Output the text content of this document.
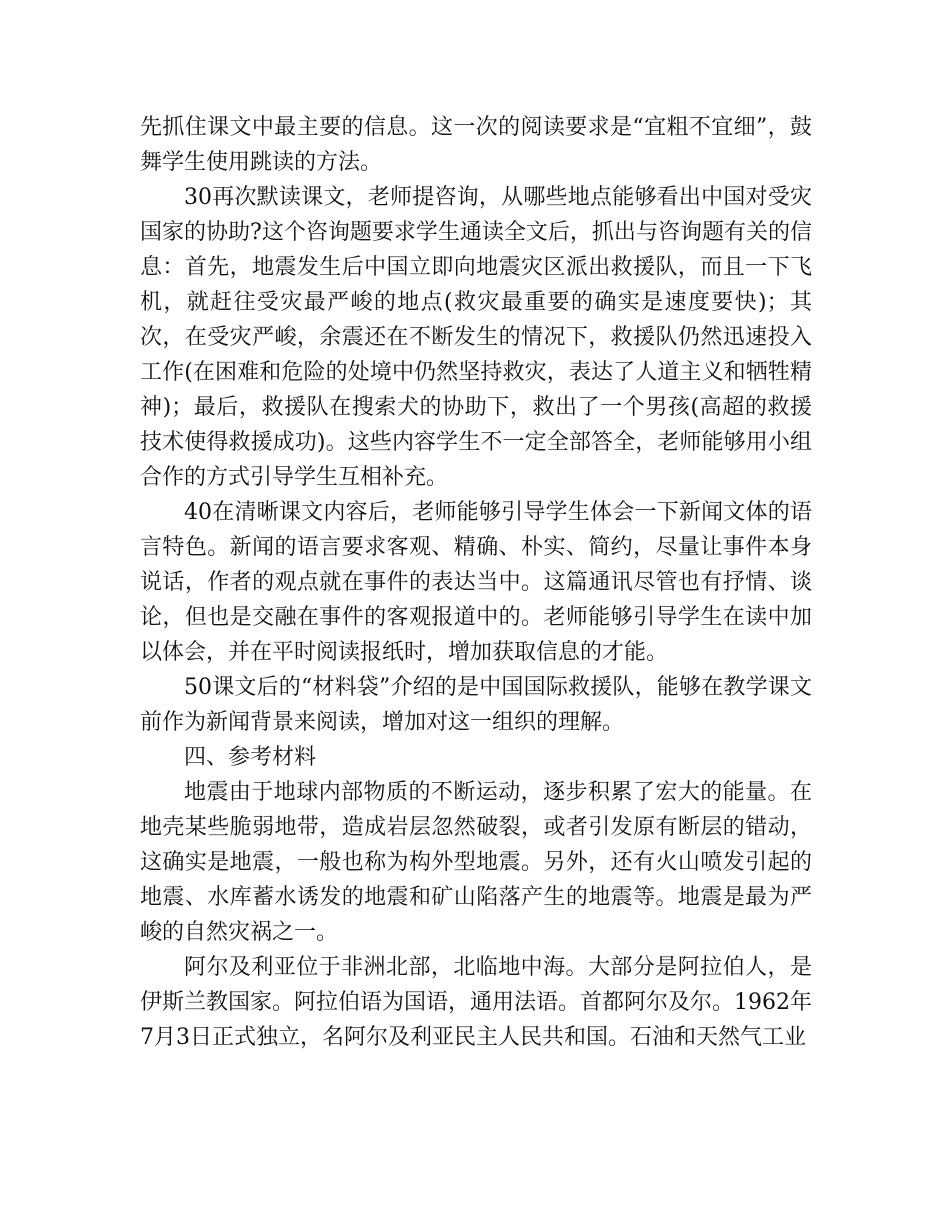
先抓住课文中最主要的信息。这一次的阅读要求是“宜粗不宜细”，鼓舞学生使用跳读的方法。

30再次默读课文，老师提咨询，从哪些地点能够看出中国对受灾国家的协助?这个咨询题要求学生通读全文后，抓出与咨询题有关的信息：首先，地震发生后中国立即向地震灾区派出救援队，而且一下飞机，就赶往受灾最严峻的地点(救灾最重要的确实是速度要快)；其次，在受灾严峻，余震还在不断发生的情况下，救援队仍然迅速投入工作(在困难和危险的处境中仍然坚持救灾，表达了人道主义和牺牲精神)；最后，救援队在搜索犬的协助下，救出了一个男孩(高超的救援技术使得救援成功)。这些内容学生不一定全部答全，老师能够用小组合作的方式引导学生互相补充。

40在清晰课文内容后，老师能够引导学生体会一下新闻文体的语言特色。新闻的语言要求客观、精确、朴实、简约，尽量让事件本身说话，作者的观点就在事件的表达当中。这篇通讯尽管也有抒情、谈论，但也是交融在事件的客观报道中的。老师能够引导学生在读中加以体会，并在平时阅读报纸时，增加获取信息的才能。

50课文后的“材料袋”介绍的是中国国际救援队，能够在教学课文前作为新闻背景来阅读，增加对这一组织的理解。

四、参考材料

地震由于地球内部物质的不断运动，逐步积累了宏大的能量。在地壳某些脆弱地带，造成岩层忽然破裂，或者引发原有断层的错动，这确实是地震，一般也称为构外型地震。另外，还有火山喷发引起的地震、水库蓄水诱发的地震和矿山陷落产生的地震等。地震是最为严峻的自然灾祸之一。

阿尔及利亚位于非洲北部，北临地中海。大部分是阿拉伯人，是伊斯兰教国家。阿拉伯语为国语，通用法语。首都阿尔及尔。1962年7月3日正式独立，名阿尔及利亚民主人民共和国。石油和天然气工业
